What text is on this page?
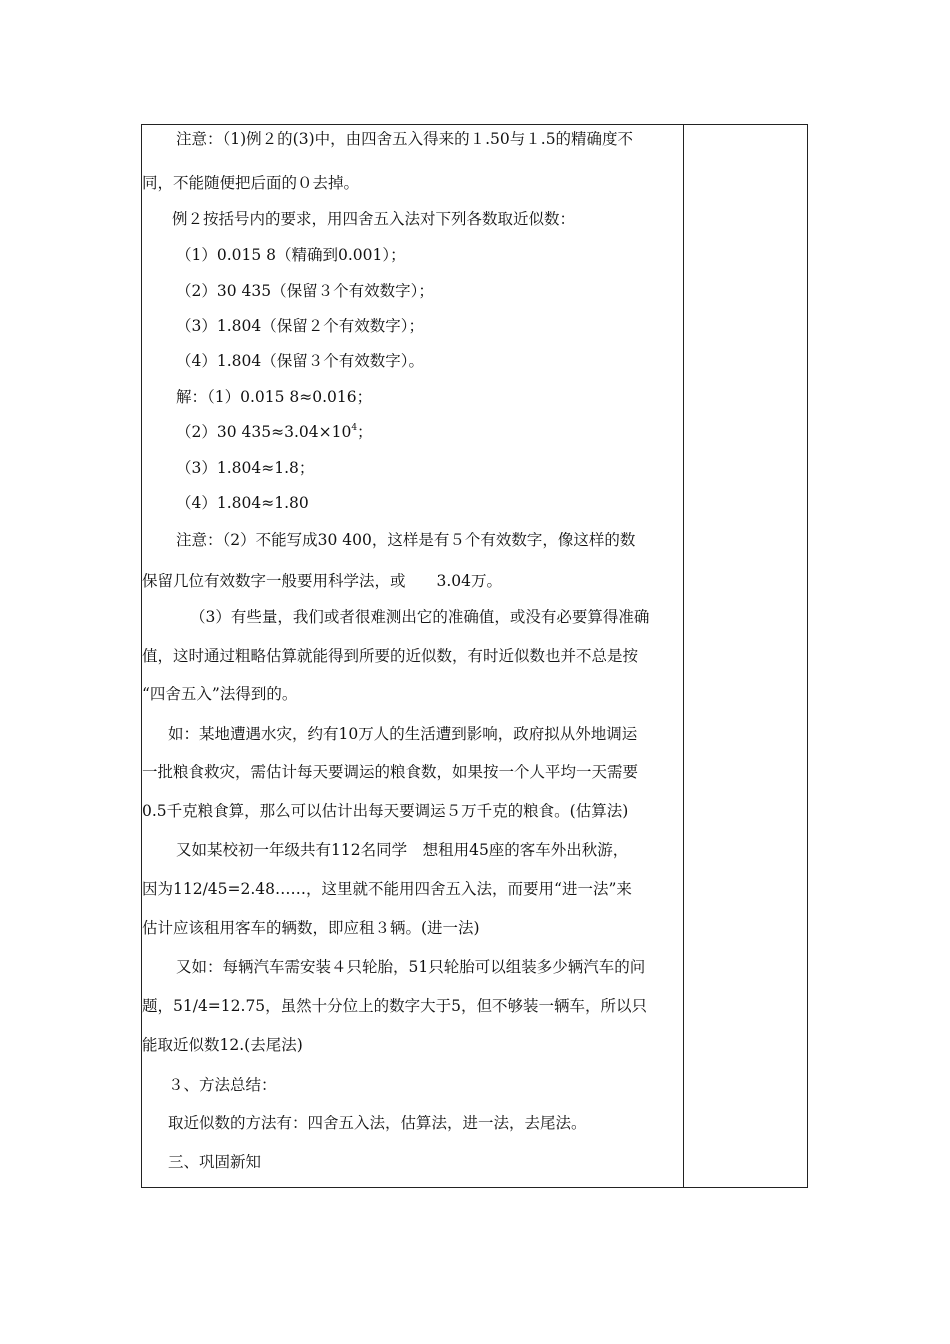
注意：（1)例２的(3)中，由四舍五入得来的１.50与１.5的精确度不
同，不能随便把后面的０去掉。
例２按括号内的要求，用四舍五入法对下列各数取近似数：
（1）0.015 8（精确到0.001）；
（2）30 435（保留３个有效数字）；
（3）1.804（保留２个有效数字）；
（4）1.804（保留３个有效数字）。
解：（1）0.015 8≈0.016；
（2）30 $435\approx 3.04\times 10^4$；
（3）1.804≈1.8；
（4）1.804≈1.80
注意：（2）不能写成30 400，这样是有５个有效数字，像这样的数
保留几位有效数字一般要用科学法，或　　3.04万。
（3）有些量，我们或者很难测出它的准确值，或没有必要算得准确
值，这时通过粗略估算就能得到所要的近似数，有时近似数也并不总是按
“四舍五入”法得到的。
如：某地遭遇水灾，约有10万人的生活遭到影响，政府拟从外地调运
一批粮食救灾，需估计每天要调运的粮食数，如果按一个人平均一天需要
0.5千克粮食算，那么可以估计出每天要调运５万千克的粮食。(估算法)
又如某校初一年级共有112名同学　想租用45座的客车外出秋游，
因为112/45=2.48……，这里就不能用四舍五入法，而要用“进一法”来
估计应该租用客车的辆数，即应租３辆。(进一法)
又如：每辆汽车需安装４只轮胎，51只轮胎可以组装多少辆汽车的问
题，51/4=12.75，虽然十分位上的数字大于5，但不够装一辆车，所以只
能取近似数12.(去尾法)
３、方法总结：
取近似数的方法有：四舍五入法，估算法，进一法，去尾法。
三、巩固新知
